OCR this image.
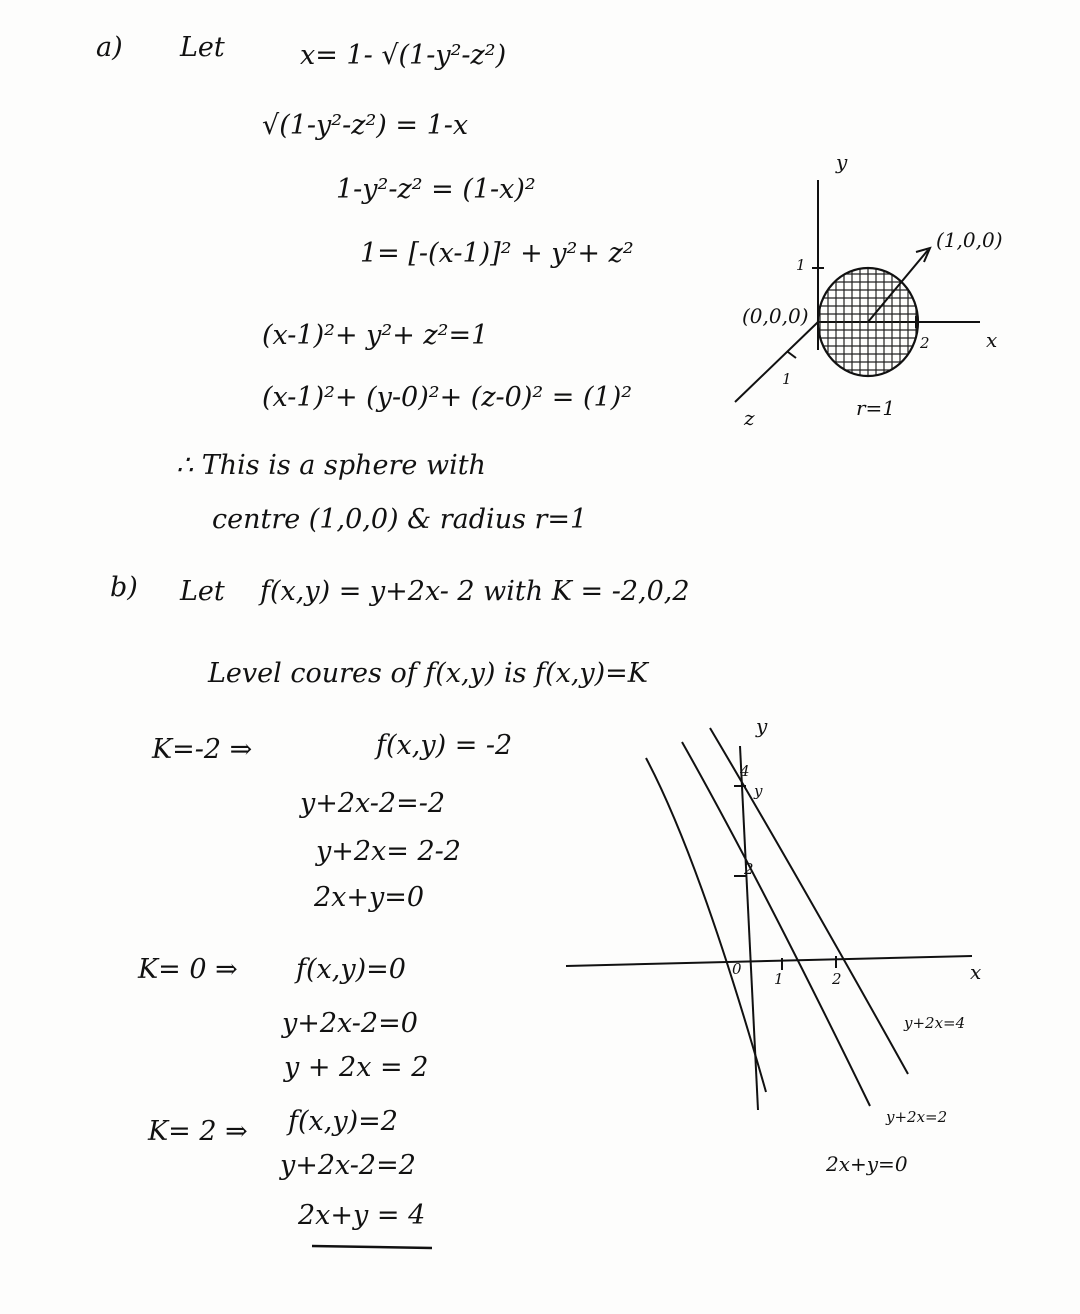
a) Let	x= 1- √(1-y²-z²)
√(1-y²-z²) = 1-x
1-y²-z² = (1-x)²
1= [-(x-1)]² + y²+ z²
(x-1)²+ y²+ z²=1
(x-1)²+ (y-0)²+ (z-0)² = (1)²
∴ This is a sphere with
centre (1,0,0) & radius r=1
y
x
z
(0,0,0)
(1,0,0)
r=1
1
2
1
b) Let f(x,y) = y+2x- 2 with K = -2,0,2
Level coures of f(x,y) is f(x,y)=K
K=-2 ⇒	f(x,y) = -2
y+2x-2=-2
y+2x= 2-2
2x+y=0
K= 0 ⇒ f(x,y)=0
y+2x-2=0
y + 2x = 2
K= 2 ⇒ f(x,y)=2
y+2x-2=2
2x+y = 4
y
x
0
4
y
2
1	2
y+2x=4
y+2x=2
2x+y=0
